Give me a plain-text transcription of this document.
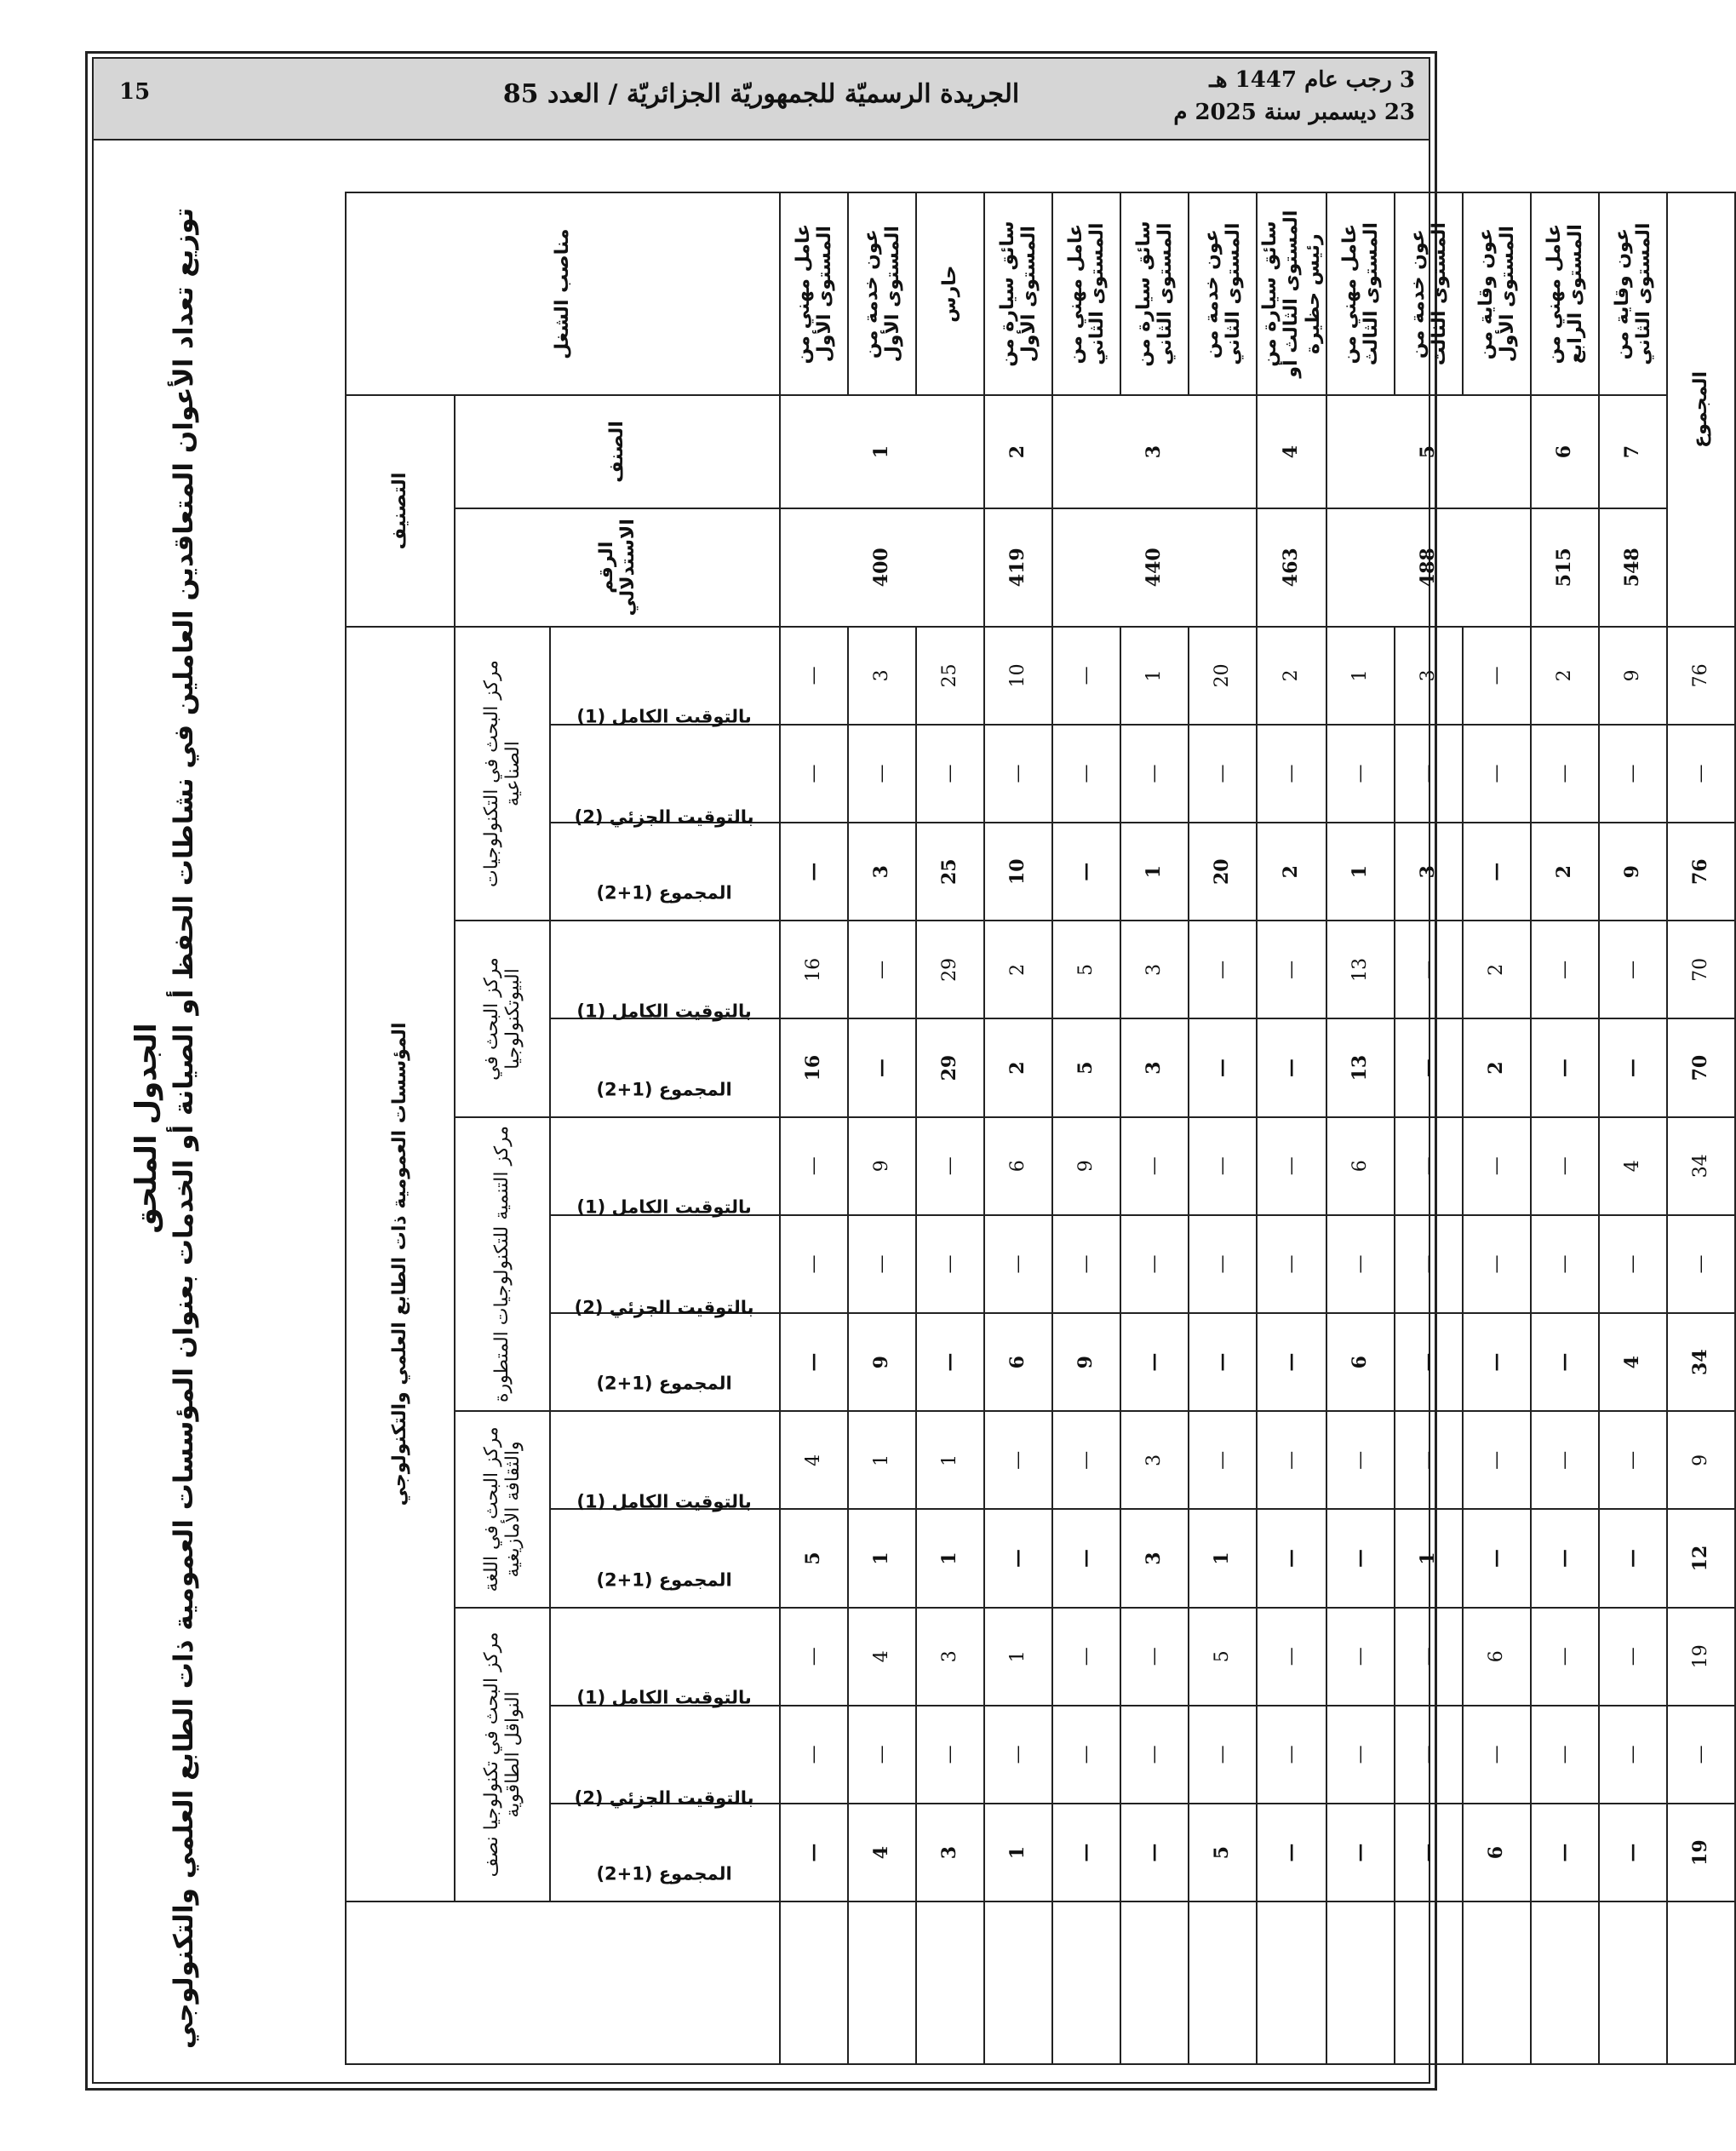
15	الجريدة الرسميّة للجمهوريّة الجزائريّة / العدد 85	3 رجب عام 1447 هـ
23 ديسمبر سنة 2025 م
الجدول الملحق توزيع تعداد الأعوان المتعاقدين العاملين في نشاطات الحفظ أو الصيانة أو الخدمات بعنوان المؤسسات العمومية ذات الطابع العلمي والتكنولوجي	مناصب الشغل	التصنيف		المؤسسات العمومية ذات الطابع العلمي والتكنولوجي													
	الصنف	الرقم الاستدلالي	مركز البحث في التكنولوجيات الصناعية			مركز البحث في البيوتكنولوجيا		مركز التنمية للتكنولوجيات المتطورة			مركز البحث في اللغة والثقافة الأمازيغية		مركز البحث في تكنولوجيا نصف النواقل الطاقوية			
			بالتوقيت الكامل (1)	بالتوقيت الجزئي (2)	المجموع (1+2)	بالتوقيت الكامل (1)	المجموع (1+2)	بالتوقيت الكامل (1)	بالتوقيت الجزئي (2)	المجموع (1+2)	بالتوقيت الكامل (1)	المجموع (1+2)	بالتوقيت الكامل (1)	بالتوقيت الجزئي (2)	المجموع (1+2)	
عامل مهني من المستوى الأول	1	400	—	—	—	16	16	—	—	—	4	5	—	—	—	
عون خدمة من المستوى الأول			3	—	3	—	—	9	—	9	1	1	4	—	4	
حارس			25	—	25	29	29	—	—	—	1	1	3	—	3	
سائق سيارة من المستوى الأول	2	419	10	—	10	2	2	6	—	6	—	—	1	—	1	
عامل مهني من المستوى الثاني	3	440	—	—	—	5	5	9	—	9	—	—	—	—	—	
سائق سيارة من المستوى الثاني			1	—	1	3	3	—	—	—	3	3	—	—	—	
عون خدمة من المستوى الثاني			20	—	20	—	—	—	—	—	—	1	5	—	5	
سائق سيارة من المستوى الثالث أو رئيس حظيرة	4	463	2	—	2	—	—	—	—	—	—	—	—	—	—	
عامل مهني من المستوى الثالث	5	488	1	—	1	13	13	6	—	6	—	—	—	—	—	
عون خدمة من المستوى الثالث			3	—	3	—	—	—	—	—	—	1	—	—	—	
عون وقاية من المستوى الأول			—	—	—	2	2	—	—	—	—	—	6	—	6	
عامل مهني من المستوى الرابع	6	515	2	—	2	—	—	—	—	—	—	—	—	—	—	
عون وقاية من المستوى الثاني	7	548	9	—	9	—	—	4	—	4	—	—	—	—	—	
المجموع			76	—	76	70	70	34	—	34	9	12	19	—	19	
